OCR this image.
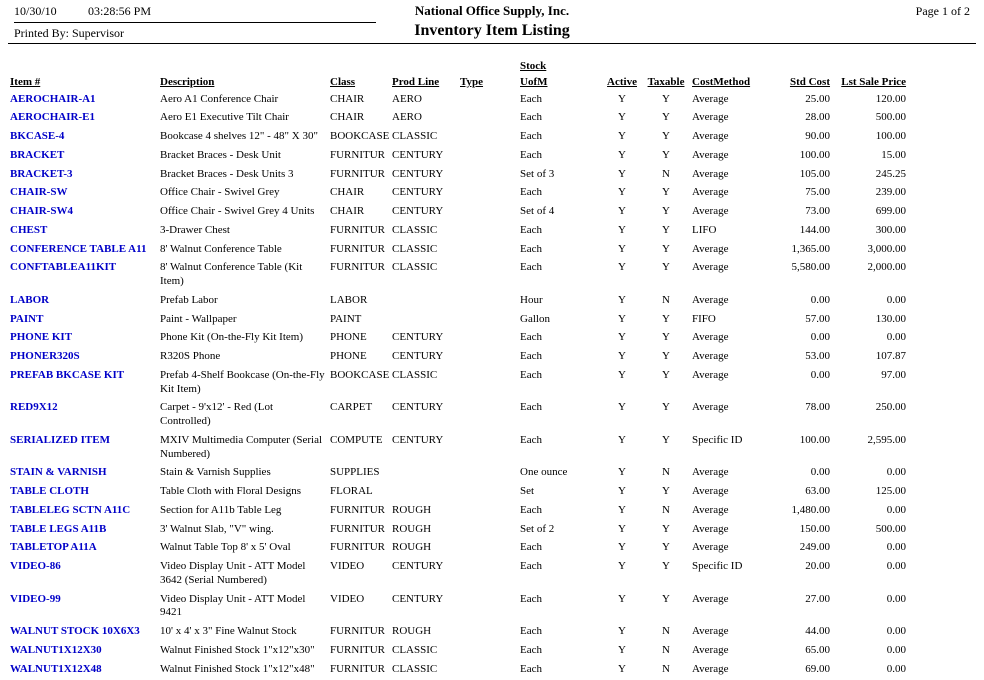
10/30/10	03:28:56 PM
Printed By: Supervisor
National Office Supply, Inc.
Inventory Item Listing
Page 1 of 2
					Stock					
Item #	Description	Class	Prod Line	Type	UofM	Active	Taxable	CostMethod	Std Cost	Lst Sale Price
AEROCHAIR-A1	Aero A1 Conference Chair	CHAIR	AERO		Each	Y	Y	Average	25.00	120.00
AEROCHAIR-E1	Aero E1 Executive Tilt Chair	CHAIR	AERO		Each	Y	Y	Average	28.00	500.00
BKCASE-4	Bookcase 4 shelves 12" - 48" X 30"	BOOKCASE	CLASSIC		Each	Y	Y	Average	90.00	100.00
BRACKET	Bracket Braces - Desk Unit	FURNITUR	CENTURY		Each	Y	Y	Average	100.00	15.00
BRACKET-3	Bracket Braces - Desk Units 3	FURNITUR	CENTURY		Set of 3	Y	N	Average	105.00	245.25
CHAIR-SW	Office Chair - Swivel Grey	CHAIR	CENTURY		Each	Y	Y	Average	75.00	239.00
CHAIR-SW4	Office Chair - Swivel Grey 4 Units	CHAIR	CENTURY		Set of 4	Y	Y	Average	73.00	699.00
CHEST	3-Drawer Chest	FURNITUR	CLASSIC		Each	Y	Y	LIFO	144.00	300.00
CONFERENCE TABLE A11	8' Walnut Conference Table	FURNITUR	CLASSIC		Each	Y	Y	Average	1,365.00	3,000.00
CONFTABLEA11KIT	8' Walnut Conference Table (Kit Item)	FURNITUR	CLASSIC		Each	Y	Y	Average	5,580.00	2,000.00
LABOR	Prefab Labor	LABOR			Hour	Y	N	Average	0.00	0.00
PAINT	Paint - Wallpaper	PAINT			Gallon	Y	Y	FIFO	57.00	130.00
PHONE KIT	Phone Kit (On-the-Fly Kit Item)	PHONE	CENTURY		Each	Y	Y	Average	0.00	0.00
PHONER320S	R320S Phone	PHONE	CENTURY		Each	Y	Y	Average	53.00	107.87
PREFAB BKCASE KIT	Prefab 4-Shelf Bookcase (On-the-Fly Kit Item)	BOOKCASE	CLASSIC		Each	Y	Y	Average	0.00	97.00
RED9X12	Carpet - 9'x12' - Red (Lot Controlled)	CARPET	CENTURY		Each	Y	Y	Average	78.00	250.00
SERIALIZED ITEM	MXIV Multimedia Computer (Serial Numbered)	COMPUTE	CENTURY		Each	Y	Y	Specific ID	100.00	2,595.00
STAIN & VARNISH	Stain & Varnish Supplies	SUPPLIES			One ounce	Y	N	Average	0.00	0.00
TABLE CLOTH	Table Cloth with Floral Designs	FLORAL			Set	Y	Y	Average	63.00	125.00
TABLELEG SCTN A11C	Section for A11b Table Leg	FURNITUR	ROUGH		Each	Y	N	Average	1,480.00	0.00
TABLE LEGS A11B	3' Walnut Slab, "V" wing.	FURNITUR	ROUGH		Set of 2	Y	Y	Average	150.00	500.00
TABLETOP A11A	Walnut Table Top 8' x 5' Oval	FURNITUR	ROUGH		Each	Y	Y	Average	249.00	0.00
VIDEO-86	Video Display Unit - ATT Model 3642 (Serial Numbered)	VIDEO	CENTURY		Each	Y	Y	Specific ID	20.00	0.00
VIDEO-99	Video Display Unit - ATT Model 9421	VIDEO	CENTURY		Each	Y	Y	Average	27.00	0.00
WALNUT STOCK 10X6X3	10' x 4' x 3" Fine Walnut Stock	FURNITUR	ROUGH		Each	Y	N	Average	44.00	0.00
WALNUT1X12X30	Walnut Finished Stock 1"x12"x30"	FURNITUR	CLASSIC		Each	Y	N	Average	65.00	0.00
WALNUT1X12X48	Walnut Finished Stock 1"x12"x48"	FURNITUR	CLASSIC		Each	Y	N	Average	69.00	0.00
